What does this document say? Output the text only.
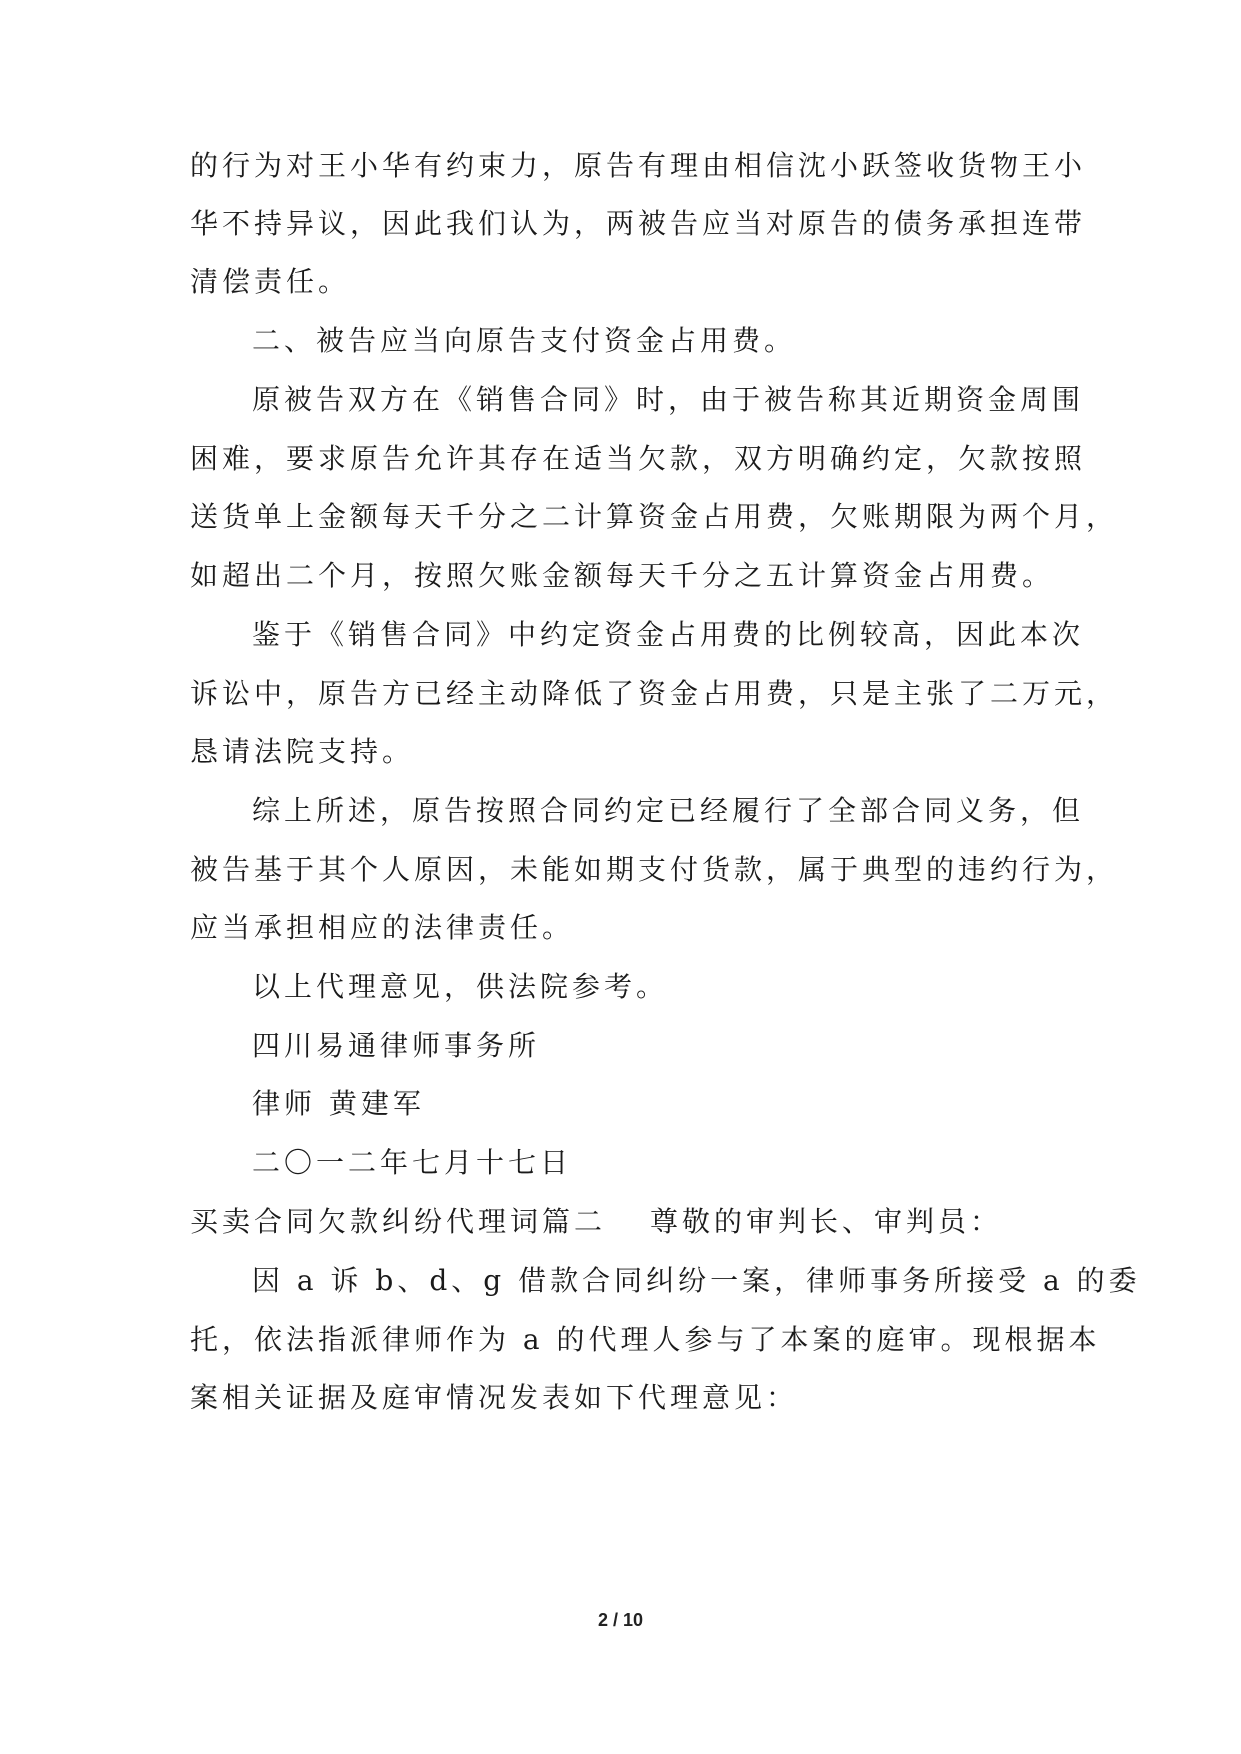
的行为对王小华有约束力，原告有理由相信沈小跃签收货物王小
华不持异议，因此我们认为，两被告应当对原告的债务承担连带
清偿责任。
二、被告应当向原告支付资金占用费。
原被告双方在《销售合同》时，由于被告称其近期资金周围
困难，要求原告允许其存在适当欠款，双方明确约定，欠款按照
送货单上金额每天千分之二计算资金占用费，欠账期限为两个月，
如超出二个月，按照欠账金额每天千分之五计算资金占用费。
鉴于《销售合同》中约定资金占用费的比例较高，因此本次
诉讼中，原告方已经主动降低了资金占用费，只是主张了二万元，
恳请法院支持。
综上所述，原告按照合同约定已经履行了全部合同义务，但
被告基于其个人原因，未能如期支付货款，属于典型的违约行为，
应当承担相应的法律责任。
以上代理意见，供法院参考。
四川易通律师事务所
律师 黄建军
二〇一二年七月十七日
买卖合同欠款纠纷代理词篇二 尊敬的审判长、审判员：
因 a 诉 b、d、g 借款合同纠纷一案，律师事务所接受 a 的委
托，依法指派律师作为 a 的代理人参与了本案的庭审。现根据本
案相关证据及庭审情况发表如下代理意见：
2 / 10
